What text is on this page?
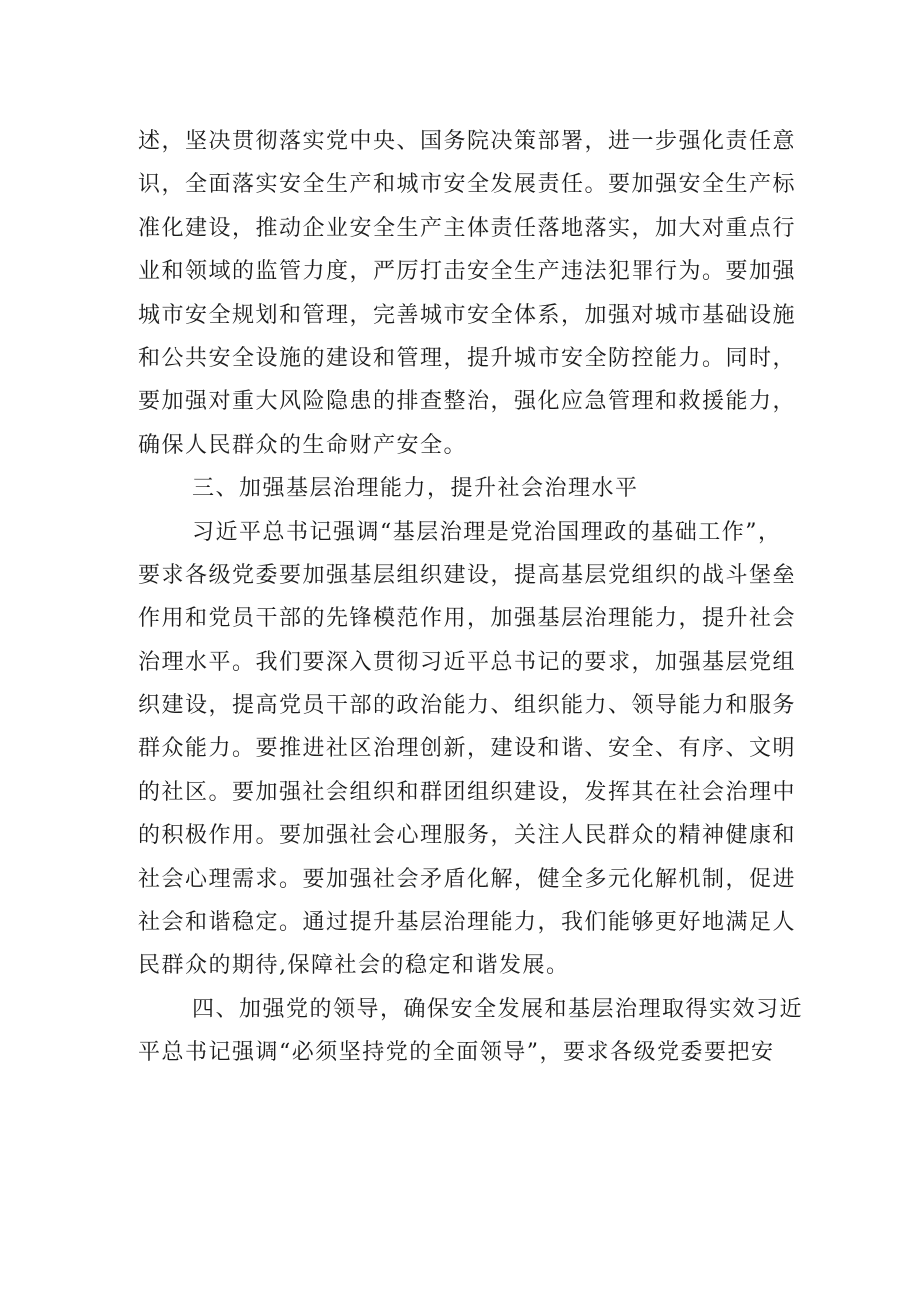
述，坚决贯彻落实党中央、国务院决策部署，进一步强化责任意
识，全面落实安全生产和城市安全发展责任。要加强安全生产标
准化建设，推动企业安全生产主体责任落地落实，加大对重点行
业和领域的监管力度，严厉打击安全生产违法犯罪行为。要加强
城市安全规划和管理，完善城市安全体系，加强对城市基础设施
和公共安全设施的建设和管理，提升城市安全防控能力。同时，
要加强对重大风险隐患的排查整治，强化应急管理和救援能力，
确保人民群众的生命财产安全。
三、加强基层治理能力，提升社会治理水平
习近平总书记强调“基层治理是党治国理政的基础工作”，
要求各级党委要加强基层组织建设，提高基层党组织的战斗堡垒
作用和党员干部的先锋模范作用，加强基层治理能力，提升社会
治理水平。我们要深入贯彻习近平总书记的要求，加强基层党组
织建设，提高党员干部的政治能力、组织能力、领导能力和服务
群众能力。要推进社区治理创新，建设和谐、安全、有序、文明
的社区。要加强社会组织和群团组织建设，发挥其在社会治理中
的积极作用。要加强社会心理服务，关注人民群众的精神健康和
社会心理需求。要加强社会矛盾化解，健全多元化解机制，促进
社会和谐稳定。通过提升基层治理能力，我们能够更好地满足人
民群众的期待,保障社会的稳定和谐发展。
四、加强党的领导，确保安全发展和基层治理取得实效习近
平总书记强调“必须坚持党的全面领导”，要求各级党委要把安
